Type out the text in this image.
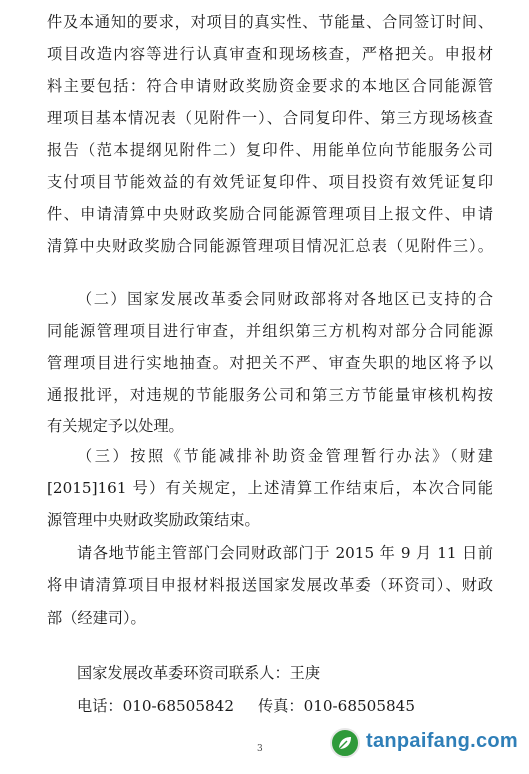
件及本通知的要求，对项目的真实性、节能量、合同签订时间、
项目改造内容等进行认真审查和现场核查，严格把关。申报材
料主要包括：符合申请财政奖励资金要求的本地区合同能源管
理项目基本情况表（见附件一）、合同复印件、第三方现场核查
报告（范本提纲见附件二）复印件、用能单位向节能服务公司
支付项目节能效益的有效凭证复印件、项目投资有效凭证复印
件、申请清算中央财政奖励合同能源管理项目上报文件、申请
清算中央财政奖励合同能源管理项目情况汇总表（见附件三）。
（二）国家发展改革委会同财政部将对各地区已支持的合
同能源管理项目进行审查，并组织第三方机构对部分合同能源
管理项目进行实地抽查。对把关不严、审查失职的地区将予以
通报批评，对违规的节能服务公司和第三方节能量审核机构按
有关规定予以处理。
（三）按照《节能减排补助资金管理暂行办法》（财建
[2015]161 号）有关规定，上述清算工作结束后，本次合同能
源管理中央财政奖励政策结束。
请各地节能主管部门会同财政部门于 2015 年 9 月 11 日前
将申请清算项目申报材料报送国家发展改革委（环资司）、财政
部（经建司）。
国家发展改革委环资司联系人：王庚
电话：010-68505842 传真：010-68505845
3	tanpaifang.com
